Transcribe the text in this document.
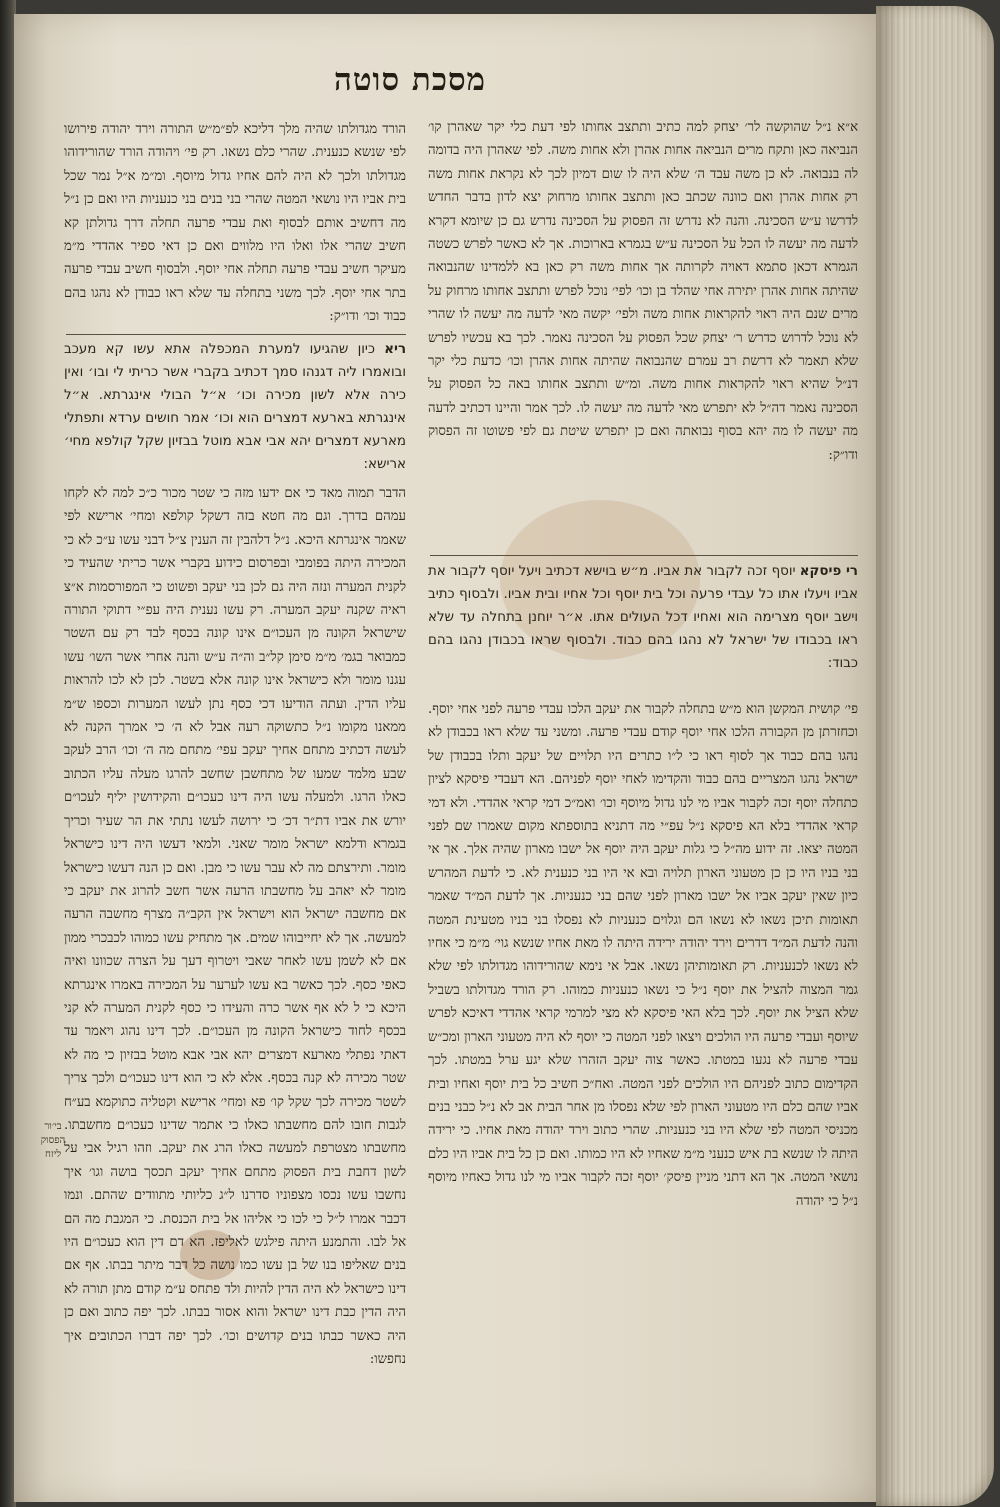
מסכת סוטה

א״א נ״ל שהוקשה לר׳ יצחק למה כתיב ותתצב אחותו לפי דעת כלי יקר שאהרן קו׳ הנביאה כאן ותקח מרים הנביאה אחות אהרן ולא אחות משה. לפי שאהרן היה בדומה לה בנבואה. לא כן משה עבד ה׳ שלא היה לו שום דמיון לכך לא נקראת אחות משה רק אחות אהרן ואם כוונה שכתב כאן ותתצב אחותו מרחוק יצא לדון בדבר החדש לדרשו ע״ש הסכינה. והנה לא נדרש זה הפסוק על הסכינה נדרש גם כן שיומא דקרא לדעה מה יעשה לו הכל על הסכינה ע״ש בגמרא בארוכות. אך לא כאשר לפרש כשטה הגמרא דכאן סתמא דאויה לקרותה אך אחות משה רק כאן בא ללמדינו שהנבואה שהיתה אחות אהרן יתירה אחי שהלד בן וכו׳ לפי׳ נוכל לפרש ותתצב אחותו מרחוק על מרים שנם היה ראוי להקראות אחות משה ולפי׳ יקשה מאי לדעה מה יעשה לו שהרי לא נוכל לדרוש כדרש ר׳ יצחק שכל הפסוק על הסכינה נאמר. לכך בא עכשיו לפרש שלא תאמר לא דרשת רב עמרם שהנבואה שהיתה אחות אהרן וכו׳ כדעת כלי יקר דנ״ל שהיא ראוי להקראות אחות משה. ומ״ש ותתצב אחותו באה כל הפסוק על הסכינה נאמר דה״ל לא יתפרש מאי לדעה מה יעשה לו. לכך אמר והיינו דכתיב לדעה מה יעשה לו מה יהא בסוף נבואתה ואם כן יתפרש שיטת גם לפי פשוטו זה הפסוק ודו״ק:

רי פיסקא יוסף זכה לקבור את אביו. מ״ש בוישא דכתיב ויעל יוסף לקבור את אביו ויעלו אתו כל עבדי פרעה וכל בית יוסף וכל אחיו ובית אביו. ולבסוף כתיב וישב יוסף מצרימה הוא ואחיו דכל העולים אתו. א״ר יוחנן בתחלה עד שלא ראו בכבודו של ישראל לא נהגו בהם כבוד. ולבסוף שראו בכבודן נהגו בהם כבוד:

פי׳ קושית המקשן הוא מ״ש בתחלה לקבור את יעקב הלכו עבדי פרעה לפני אחי יוסף. וכחזרתן מן הקבורה הלכו אחי יוסף קודם עבדי פרעה. ומשני עד שלא ראו בכבודן לא נהגו בהם כבוד אך לסוף ראו כי ל״ו כתרים היו תלויים של יעקב ותלו בכבודן של ישראל נהגו המצריים בהם כבוד והקדימו לאחי יוסף לפניהם. הא דעבדי פיסקא לציון כתחלה יוסף זכה לקבור אביו מי לנו גדול מיוסף וכו׳ ואמ״כ דמי קראי אהדדי. ולא דמי קראי אהדדי בלא הא פיסקא נ״ל עפ״י מה דתניא בתוספתא מקום שאמרו שם לפני המטה יצאו. זה ידוע מה״ל כי גלות יעקב היה יוסף אל ישבו מארון שהיה אלך. אך אי בני בניו היו כן כן מטעוני הארון תלויה ובא אי היו בני כנענית לא. כי לדעת המהרש כיון שאין יעקב אביו אל ישבו מארון לפני שהם בני כנעניות. אך לדעת המ״ד שאמר תאומות תיכן נשאו לא נשאו הם וגלוים כנעניות לא נפסלו בני בניו מטעינת המטה והנה לדעת המ״ד דדרים וירד יהודה ירידה היתה לו מאת אחיו שנשא גוי׳ מ״מ כי אחיו לא נשאו לכנעניות. רק תאומותיהן נשאו. אבל אי נימא שהורידוהו מגדולתו לפי שלא גמר המצוה להציל את יוסף נ״ל כי נשאו כנעניות כמוהו. רק הורד מגדולתו בשביל שלא הציל את יוסף. לכך בלא האי פיסקא לא מצי למרמי קראי אהדדי דאיכא לפרש שיוסף ועבדי פרעה היו הולכים ויצאו לפני המטה כי יוסף לא היה מטעוני הארון ומכ״ש עבדי פרעה לא נגעו במטתו. כאשר צוה יעקב הזהרו שלא יגע ערל במטתו. לכך הקדימום כתוב לפניהם היו הולכים לפני המטה. ואח״כ חשיב כל בית יוסף ואחיו ובית אביו שהם כלם היו מטעוני הארון לפי שלא נפסלו מן אחר הבית אב לא נ״ל כבני בנים מכניסי המטה לפי שלא היו בני כנעניות. שהרי כתוב וירד יהודה מאת אחיו. כי ירידה היתה לו שנשא בת איש כנעני מ״מ שאחיו לא היו כמותו. ואם כן כל בית אביו היו כלם נושאי המטה. אך הא דתני מניין פיסק׳ יוסף זכה לקבור אביו מי לנו גדול כאחיו מיוסף נ״ל כי יהודה

הורד מגדולתו שהיה מלך דליכא לפ״מ״ש התורה וירד יהודה פירושו לפי שנשא כנענית. שהרי כלם נשאו. רק פי׳ ויהודה הורד שהורידוהו מגדולתו ולכך לא היה להם אחיו גדול מיוסף. ומ״מ א״ל נמר שכל בית אביו היו נושאי המטה שהרי בני בנים בני כנעניות היו ואם כן נ״ל מה דחשיב אותם לבסוף ואת עבדי פרעה תחלה דרך גדולתן קא חשיב שהרי אלו ואלו היו מלווים ואם כן דאי ספיר אהדדי מ״מ מעיקר חשיב עבדי פרעה תחלה אחי יוסף. ולבסוף חשיב עבדי פרעה בתר אחי יוסף. לכך משני בתחלה עד שלא ראו כבודן לא נהגו בהם כבוד וכו׳ ודו״ק:

ריא כיון שהגיעו למערת המכפלה אתא עשו קא מעכב ובואמרו ליה דגנהו סמך דכתיב בקברי אשר כריתי לי ובו׳ ואין כירה אלא לשון מכירה וכו׳ א״ל הבולי אינגרתא. א״ל אינגרתא בארעא דמצרים הוא וכו׳ אמר חושים ערדא ותפתלי מארעא דמצרים יהא אבי אבא מוטל בבזיון שקל קולפא מחי׳ ארישא:

הדבר תמוה מאד כי אם ידעו מזה כי שטר מכור כ״כ למה לא לקחו עמהם בדרך. וגם מה חטא בזה דשקל קולפא ומחי׳ ארישא לפי שאמר אינגרתא היכא. נ״ל דלהבין זה הענין צ״ל דבני עשו ע״כ לא כי המכירה היתה בפומבי ובפרסום כידוע בקברי אשר כריתי שהעיד כי לקנית המערה ונזה היה גם לכן בני יעקב ופשוט כי המפורסמות א״צ ראיה שקנה יעקב המערה. רק עשו נענית היה עפ״י דתוקי התורה שישראל הקונה מן העכו״ם אינו קונה בכסף לבד רק עם השטר כמבואר בגמ׳ מ״מ סימן קל״ב וה״ה ע״ש והנה אחרי אשר השו׳ עשו עגנו מומר ולא כישראל אינו קונה אלא בשטר. לכן לא לכו להראות עליו הדין. ועתה הודיעו דכי כסף נתן לעשו המערות וכספו ש״מ ממאנו מקומו נ״ל כתשוקה רעה אבל לא ה׳ כי אמרך הקנה לא לעשה דכתיב מתחם אחיך יעקב עפי׳ מתחם מה ה׳ וכו׳ הרב לעקב שבע מלמד שמעו של מתחשבן שחשב להרגו מעלה עליו הכתוב כאלו הרגו. ולמעלה עשו היה דינו כעכו״ם והקידושין יליף לעכו״ם יורש את אביו דת״ר דכ׳ כי ירושה לעשו נתתי את הר שעיר וכריך בגמרא ודלמא ישראל מומר שאני. ולמאי דעשו היה דינו כישראל מומר. ותירצתם מה לא עבר עשו כי מבן. ואם כן הנה דעשו כישראל מומר לא יאהב על מחשבתו הרעה אשר חשב להרוג את יעקב כי אם מחשבה ישראל הוא וישראל אין הקב״ה מצרף מחשבה הרעה למעשה. אך לא יחייבוהו שמים. אך מתחיק עשו כמוהו לכבכרי ממון אם לא לשמן עשו לאחר שאבי ויטרוף דעך על הצרה שכוונו ואיה כאפי כסף. לכך כאשר בא עשו לערער על המכירה באמרו אינגרתא היכא כי ל לא אף אשר כרה והעידו כי כסף לקנית המערה לא קני בכסף לחוד כישראל הקונה מן העכו״ם. לכך דינו נהוג ויאמר עד דאתי נפתלי מארעא דמצרים יהא אבי אבא מוטל בבזיון כי מה לא שטר מכירה לא קנה בכסף. אלא לא כי הוא דינו כעכו״ם ולכך צריך לשטר מכירה לכך שקל קו׳ פא ומחי׳ ארישא וקטליה כתוקמא בע״ח לגבות חובו להם מחשבתו כאלו כי אתמר שדינו כעכו״ם מחשבתו. מחשבתו מצטרפת למעשה כאלו הרג את יעקב. וזהו רגיל אבי על לשון דחבת בית הפסוק מתחם אחיך יעקב תכסך בושה וגו׳ איך נחשבו עשו נכסו מצפוניו סדרנו ל״ג כליותי מתוודים שהתם. ונמו דכבר אמרו ל״ל כי לכו כי אליהו אל בית הכנסת. כי המגבת מה הם אל לבו. והתמנע היתה פילגש לאליפז. הא דם דין הוא כעכו״ם היו בנים שאליפו בנו של בן עשו כמו נושה כל דבר מיתר בבתו. אף אם דינו כישראל לא היה הדין להיות ולד פתחס ע״מ קודם מתן תורה לא היה הדין כבת דינו ישראל והוא אסור בבתו. לכך יפה כתוב ואם כן היה כאשר כבתו בנים קדושים וכו׳. לכך יפה דברו הכתובים איך נחפשו:

בי׳ור הפסוק ליזח
